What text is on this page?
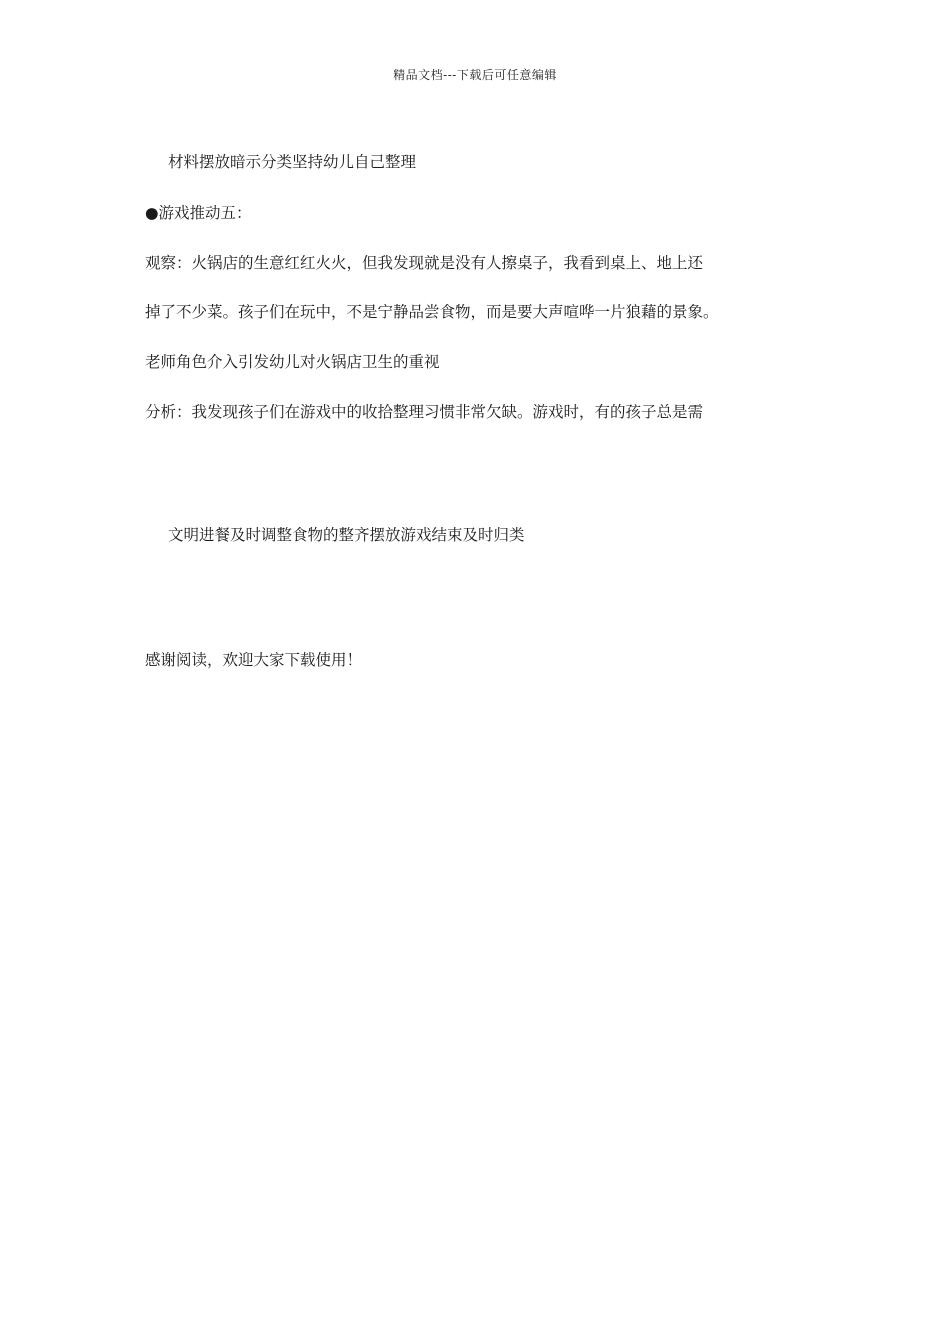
精品文档---下载后可任意编辑
材料摆放暗示分类坚持幼儿自己整理
●游戏推动五：
观察：火锅店的生意红红火火，但我发现就是没有人擦桌子，我看到桌上、地上还
掉了不少菜。孩子们在玩中，不是宁静品尝食物，而是要大声喧哗一片狼藉的景象。
老师角色介入引发幼儿对火锅店卫生的重视
分析：我发现孩子们在游戏中的收拾整理习惯非常欠缺。游戏时，有的孩子总是需
文明进餐及时调整食物的整齐摆放游戏结束及时归类
感谢阅读，欢迎大家下载使用！
